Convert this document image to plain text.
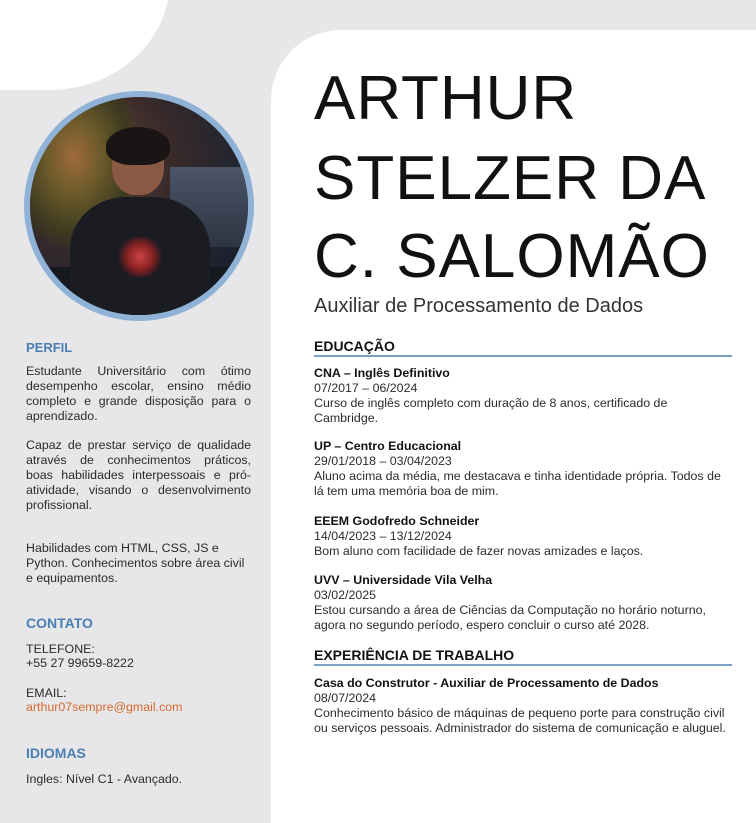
PERFIL
Estudante Universitário com ótimo desempenho escolar, ensino médio completo e grande disposição para o aprendizado.
Capaz de prestar serviço de qualidade através de conhecimentos práticos, boas habilidades interpessoais e pró-atividade, visando o desenvolvimento profissional.
Habilidades com HTML, CSS, JS e Python. Conhecimentos sobre área civil e equipamentos.
CONTATO
TELEFONE:
+55 27 99659-8222
EMAIL:
arthur07sempre@gmail.com
IDIOMAS
Ingles: Nível C1 - Avançado.
ARTHUR
STELZER DA
C. SALOMÃO
Auxiliar de Processamento de Dados
EDUCAÇÃO
CNA – Inglês Definitivo
07/2017 – 06/2024
Curso de inglês completo com duração de 8 anos, certificado de Cambridge.
UP – Centro Educacional
29/01/2018 – 03/04/2023
Aluno acima da média, me destacava e tinha identidade própria. Todos de lá tem uma memória boa de mim.
EEEM Godofredo Schneider
14/04/2023 – 13/12/2024
Bom aluno com facilidade de fazer novas amizades e laços.
UVV – Universidade Vila Velha
03/02/2025
Estou cursando a área de Ciências da Computação no horário noturno, agora no segundo período, espero concluir o curso até 2028.
EXPERIÊNCIA DE TRABALHO
Casa do Construtor - Auxiliar de Processamento de Dados
08/07/2024
Conhecimento básico de máquinas de pequeno porte para construção civil ou serviços pessoais. Administrador do sistema de comunicação e aluguel.
